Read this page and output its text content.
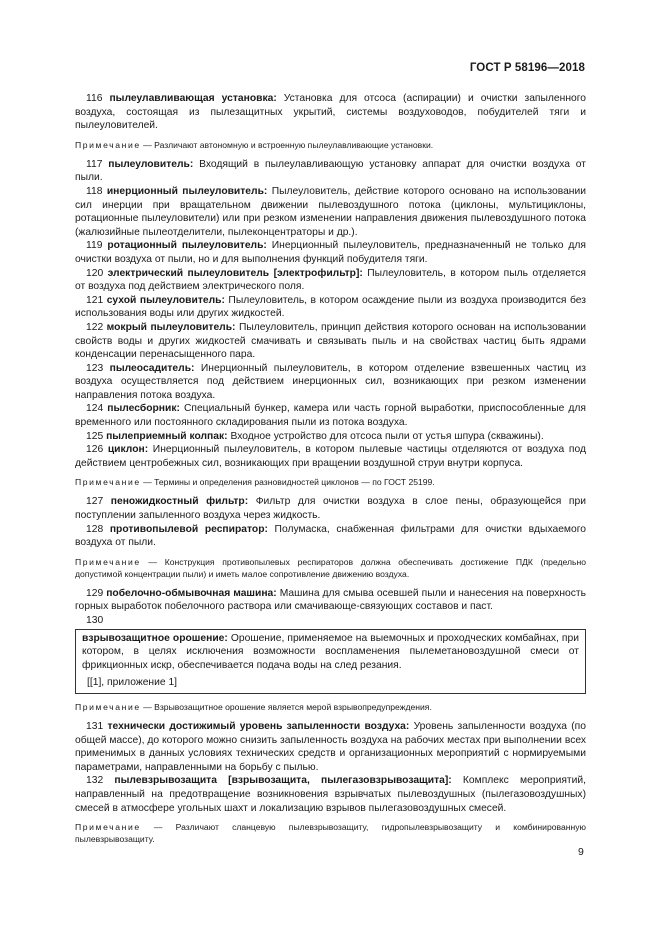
ГОСТ Р 58196—2018

116 пылеулавливающая установка: Установка для отсоса (аспирации) и очистки запыленного воздуха, состоящая из пылезащитных укрытий, системы воздуховодов, побудителей тяги и пылеуловителей.

Примечание — Различают автономную и встроенную пылеулавливающие установки.

117 пылеуловитель: Входящий в пылеулавливающую установку аппарат для очистки воздуха от пыли.

118 инерционный пылеуловитель: Пылеуловитель, действие которого основано на использовании сил инерции при вращательном движении пылевоздушного потока (циклоны, мультициклоны, ротационные пылеуловители) или при резком изменении направления движения пылевоздушного потока (жалюзийные пылеотделители, пылеконцентраторы и др.).

119 ротационный пылеуловитель: Инерционный пылеуловитель, предназначенный не только для очистки воздуха от пыли, но и для выполнения функций побудителя тяги.

120 электрический пылеуловитель [электрофильтр]: Пылеуловитель, в котором пыль отделяется от воздуха под действием электрического поля.

121 сухой пылеуловитель: Пылеуловитель, в котором осаждение пыли из воздуха производится без использования воды или других жидкостей.

122 мокрый пылеуловитель: Пылеуловитель, принцип действия которого основан на использовании свойств воды и других жидкостей смачивать и связывать пыль и на свойствах частиц быть ядрами конденсации перенасыщенного пара.

123 пылеосадитель: Инерционный пылеуловитель, в котором отделение взвешенных частиц из воздуха осуществляется под действием инерционных сил, возникающих при резком изменении направления потока воздуха.

124 пылесборник: Специальный бункер, камера или часть горной выработки, приспособленные для временного или постоянного складирования пыли из потока воздуха.

125 пылеприемный колпак: Входное устройство для отсоса пыли от устья шпура (скважины).

126 циклон: Инерционный пылеуловитель, в котором пылевые частицы отделяются от воздуха под действием центробежных сил, возникающих при вращении воздушной струи внутри корпуса.

Примечание — Термины и определения разновидностей циклонов — по ГОСТ 25199.

127 пеножидкостный фильтр: Фильтр для очистки воздуха в слое пены, образующейся при поступлении запыленного воздуха через жидкость.

128 противопылевой респиратор: Полумаска, снабженная фильтрами для очистки вдыхаемого воздуха от пыли.

Примечание — Конструкция противопылевых респираторов должна обеспечивать достижение ПДК (предельно допустимой концентрации пыли) и иметь малое сопротивление движению воздуха.

129 побелочно-обмывочная машина: Машина для смыва осевшей пыли и нанесения на поверхность горных выработок побелочного раствора или смачивающе-связующих составов и паст.

130

взрывозащитное орошение: Орошение, применяемое на выемочных и проходческих комбайнах, при котором, в целях исключения возможности воспламенения пылеметановоздушной смеси от фрикционных искр, обеспечивается подача воды на след резания.

[[1], приложение 1]

Примечание — Взрывозащитное орошение является мерой взрывопредупреждения.

131 технически достижимый уровень запыленности воздуха: Уровень запыленности воздуха (по общей массе), до которого можно снизить запыленность воздуха на рабочих местах при выполнении всех применимых в данных условиях технических средств и организационных мероприятий с нормируемыми параметрами, направленными на борьбу с пылью.

132 пылевзрывозащита [взрывозащита, пылегазовзрывозащита]: Комплекс мероприятий, направленный на предотвращение возникновения взрывчатых пылевоздушных (пылегазовоздушных) смесей в атмосфере угольных шахт и локализацию взрывов пылегазовоздушных смесей.

Примечание — Различают сланцевую пылевзрывозащиту, гидропылевзрывозащиту и комбинированную пылевзрывозащиту.

9
